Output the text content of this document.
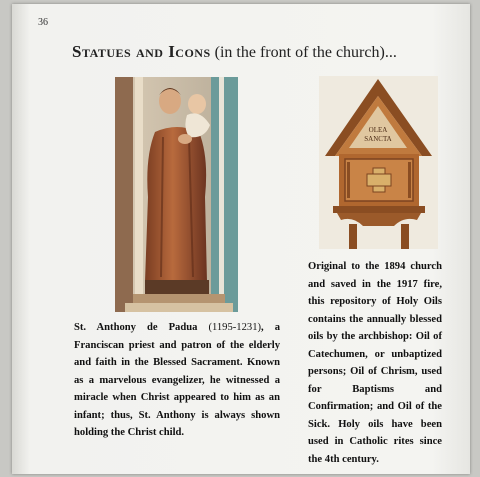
36
Statues and Icons (in the front of the church)...
OLEA
SANCTA

St. Anthony de Padua (1195-1231), a Franciscan priest and patron of the elderly and faith in the Blessed Sacrament. Known as a marvelous evangelizer, he witnessed a miracle when Christ appeared to him as an infant; thus, St. Anthony is always shown holding the Christ child.

Original to the 1894 church and saved in the 1917 fire, this repository of Holy Oils contains the annually blessed oils by the archbishop: Oil of Catechumen, or unbaptized persons; Oil of Chrism, used for Baptisms and Confirmation; and Oil of the Sick. Holy oils have been used in Catholic rites since the 4th century.
